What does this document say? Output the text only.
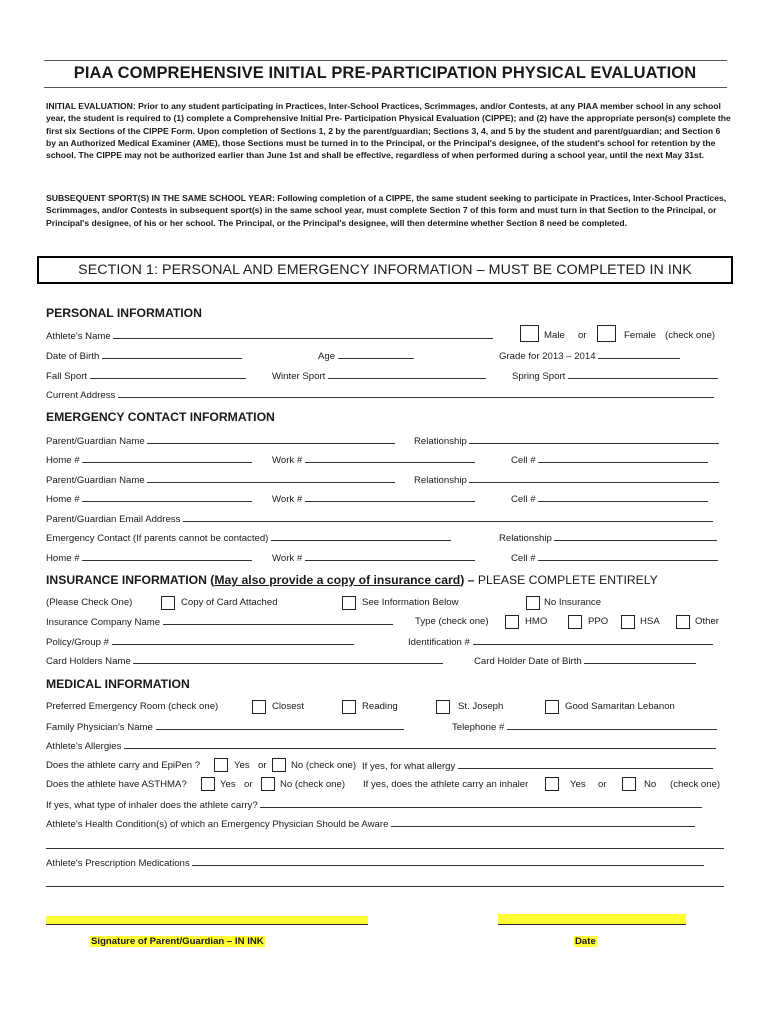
PIAA COMPREHENSIVE INITIAL PRE-PARTICIPATION PHYSICAL EVALUATION
INITIAL EVALUATION: Prior to any student participating in Practices, Inter-School Practices, Scrimmages, and/or Contests, at any PIAA member school in any school year, the student is required to (1) complete a Comprehensive Initial Pre- Participation Physical Evaluation (CIPPE); and (2) have the appropriate person(s) complete the first six Sections of the CIPPE Form. Upon completion of Sections 1, 2 by the parent/guardian; Sections 3, 4, and 5 by the student and parent/guardian; and Section 6 by an Authorized Medical Examiner (AME), those Sections must be turned in to the Principal, or the Principal's designee, of the student's school for retention by the school. The CIPPE may not be authorized earlier than June 1st and shall be effective, regardless of when performed during a school year, until the next May 31st.
SUBSEQUENT SPORT(S) IN THE SAME SCHOOL YEAR: Following completion of a CIPPE, the same student seeking to participate in Practices, Inter-School Practices, Scrimmages, and/or Contests in subsequent sport(s) in the same school year, must complete Section 7 of this form and must turn in that Section to the Principal, or Principal's designee, of his or her school. The Principal, or the Principal's designee, will then determine whether Section 8 need be completed.
SECTION 1: PERSONAL AND EMERGENCY INFORMATION – MUST BE COMPLETED IN INK
PERSONAL INFORMATION
Athlete's Name	Male or	Female (check one)
Date of Birth	Age	Grade for 2013 – 2014
Fall Sport	Winter Sport	Spring Sport
Current Address
EMERGENCY CONTACT INFORMATION
Parent/Guardian Name	Relationship
Home #	Work #	Cell #
Parent/Guardian Name	Relationship
Home #	Work #	Cell #
Parent/Guardian Email Address
Emergency Contact (If parents cannot be contacted)	Relationship
Home #	Work #	Cell #
INSURANCE INFORMATION (May also provide a copy of insurance card) – PLEASE COMPLETE ENTIRELY
(Please Check One)	Copy of Card Attached	See Information Below	No Insurance
Insurance Company Name	Type (check one)	HMO	PPO	HSA	Other
Policy/Group #	Identification #
Card Holders Name	Card Holder Date of Birth
MEDICAL INFORMATION
Preferred Emergency Room (check one)	Closest	Reading	St. Joseph	Good Samaritan Lebanon
Family Physician's Name	Telephone #
Athlete's Allergies
Does the athlete carry and EpiPen ?	Yes or	No (check one) If yes, for what allergy
Does the athlete have ASTHMA?	Yes or	No (check one) If yes, does the athlete carry an inhaler	Yes or	No (check one)
If yes, what type of inhaler does the athlete carry?
Athlete's Health Condition(s) of which an Emergency Physician Should be Aware
Athlete's Prescription Medications
Signature of Parent/Guardian – IN INK	Date
